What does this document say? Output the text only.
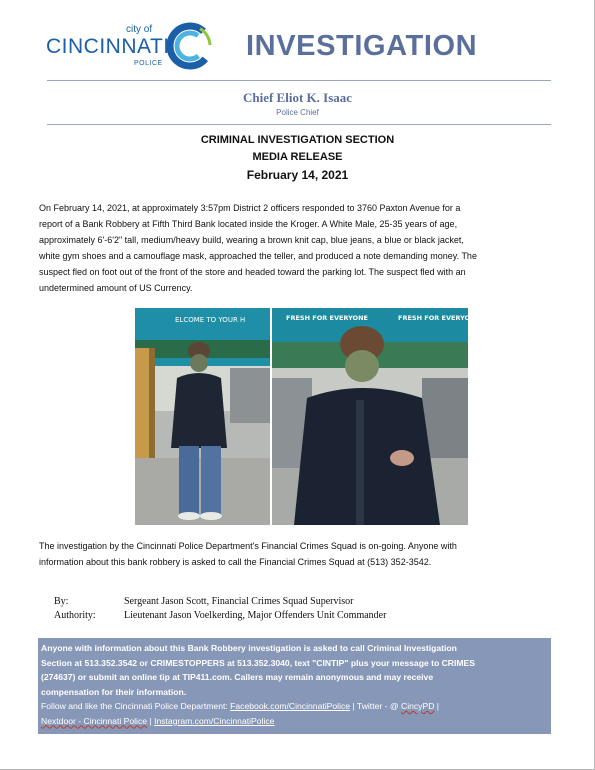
city of
CINCINNATI
POLICE
INVESTIGATION
Chief Eliot K. Isaac
Police Chief
CRIMINAL INVESTIGATION SECTION
MEDIA RELEASE
February 14, 2021
On February 14, 2021, at approximately 3:57pm District 2 officers responded to 3760 Paxton Avenue for a
report of a Bank Robbery at Fifth Third Bank located inside the Kroger. A White Male, 25-35 years of age,
approximately 6'-6'2" tall, medium/heavy build, wearing a brown knit cap, blue jeans, a blue or black jacket,
white gym shoes and a camouflage mask, approached the teller, and produced a note demanding money. The
suspect fled on foot out of the front of the store and headed toward the parking lot. The suspect fled with an
undetermined amount of US Currency.
ELCOME TO YOUR H	FRESH FOR EVERYONE	FRESH FOR EVERYONE
The investigation by the Cincinnati Police Department's Financial Crimes Squad is on-going. Anyone with
information about this bank robbery is asked to call the Financial Crimes Squad at (513) 352-3542.
By:	Sergeant Jason Scott, Financial Crimes Squad Supervisor
Authority:	Lieutenant Jason Voelkerding, Major Offenders Unit Commander
Anyone with information about this Bank Robbery investigation is asked to call Criminal Investigation
Section at 513.352.3542 or CRIMESTOPPERS at 513.352.3040, text "CINTIP" plus your message to CRIMES
(274637) or submit an online tip at TIP411.com. Callers may remain anonymous and may receive
compensation for their information.
Follow and like the Cincinnati Police Department: Facebook.com/CincinnatiPolice | Twitter - @ CincyPD |
Nextdoor - Cincinnati Police | Instagram.com/CincinnatiPolice
